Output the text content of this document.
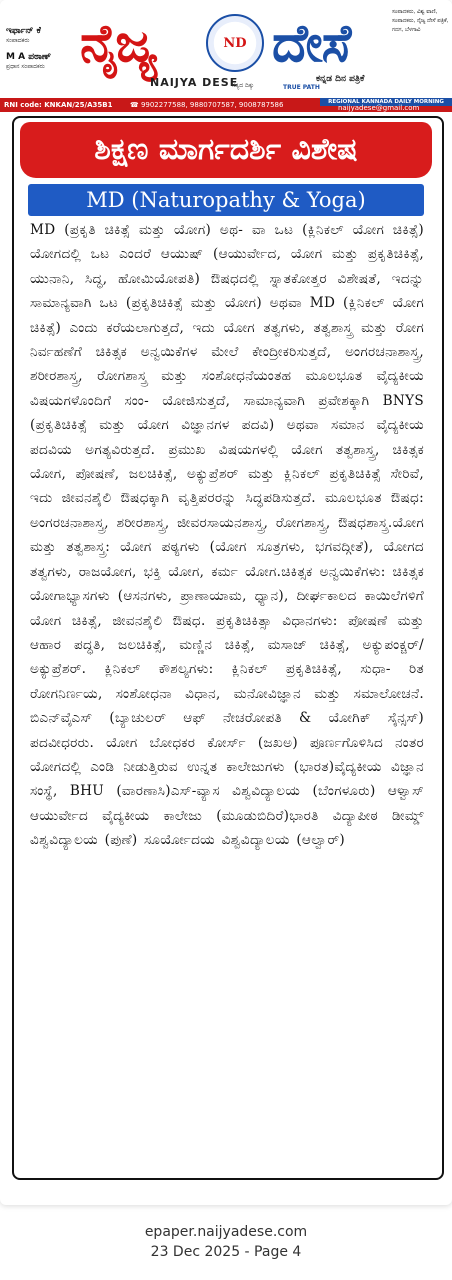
ಇರ್ಫಾನ್ ಕೆ
ಸಂಪಾದಕರು
M A ಪಠಾಣ್
ಪ್ರಧಾನ ಸಂಪಾದಕರು ನೈಜ್ಯ	ND ದೇಸೆ
NAIJYA DESE
ಸತ್ಯದ ದಿಕ್ಕು	TRUE PATH
ಕನ್ನಡ ದಿನ ಪತ್ರಿಕೆ
ಸಂಪಾದಕರು, ವಿಶ್ವ ವಾಣಿ, ಸಂಪಾದಕರು, ನೈಜ್ಯ ದೇಸೆ ಪತ್ರಿಕೆ, ಗದಗ, ಬೆಳಗಾವಿ
RNI code: KNKAN/25/A35B1	☎ 9902277588, 9880707587, 9008787586	REGIONAL KANNADA DAILY MORNING
naijyadese@gmail.com
ಶಿಕ್ಷಣ ಮಾರ್ಗದರ್ಶಿ ವಿಶೇಷ
MD (Naturopathy & Yoga)
MD (ಪ್ರಕೃತಿ ಚಿಕಿತ್ಸೆ ಮತ್ತು ಯೋಗ) ಅಥ- ವಾ ಒಟ (ಕ್ಲಿನಿಕಲ್ ಯೋಗ ಚಿಕಿತ್ಸೆ) ಯೋಗದಲ್ಲಿ ಒಟ ಎಂದರೆ ಆಯುಷ್ (ಆಯುರ್ವೇದ, ಯೋಗ ಮತ್ತು ಪ್ರಕೃತಿಚಿಕಿತ್ಸೆ, ಯುನಾನಿ, ಸಿದ್ಧ, ಹೋಮಿಯೋಪತಿ) ಔಷಧದಲ್ಲಿ ಸ್ನಾತಕೋತ್ತರ ವಿಶೇಷತೆ, ಇದನ್ನು ಸಾಮಾನ್ಯವಾಗಿ ಒಟ (ಪ್ರಕೃತಿಚಿಕಿತ್ಸೆ ಮತ್ತು ಯೋಗ) ಅಥವಾ MD (ಕ್ಲಿನಿಕಲ್ ಯೋಗ ಚಿಕಿತ್ಸೆ) ಎಂದು ಕರೆಯಲಾಗುತ್ತದೆ, ಇದು ಯೋಗ ತತ್ವಗಳು, ತತ್ವಶಾಸ್ತ್ರ ಮತ್ತು ರೋಗ ನಿರ್ವಹಣೆಗೆ ಚಿಕಿತ್ಸಕ ಅನ್ವಯಿಕೆಗಳ ಮೇಲೆ ಕೇಂದ್ರೀಕರಿಸುತ್ತದೆ, ಅಂಗರಚನಾಶಾಸ್ತ್ರ, ಶರೀರಶಾಸ್ತ್ರ, ರೋಗಶಾಸ್ತ್ರ ಮತ್ತು ಸಂಶೋಧನೆಯಂತಹ ಮೂಲಭೂತ ವೈದ್ಯಕೀಯ ವಿಷಯಗಳೊಂದಿಗೆ ಸಂಂ- ಯೋಜಿಸುತ್ತದೆ, ಸಾಮಾನ್ಯವಾಗಿ ಪ್ರವೇಶಕ್ಕಾಗಿ BNYS (ಪ್ರಕೃತಿಚಿಕಿತ್ಸೆ ಮತ್ತು ಯೋಗ ವಿಜ್ಞಾನಗಳ ಪದವಿ) ಅಥವಾ ಸಮಾನ ವೈದ್ಯಕೀಯ ಪದವಿಯ ಅಗತ್ಯವಿರುತ್ತದೆ. ಪ್ರಮುಖ ವಿಷಯಗಳಲ್ಲಿ ಯೋಗ ತತ್ವಶಾಸ್ತ್ರ, ಚಿಕಿತ್ಸಕ ಯೋಗ, ಪೋಷಣೆ, ಜಲಚಿಕಿತ್ಸೆ, ಅಕ್ಯುಪ್ರೆಶರ್ ಮತ್ತು ಕ್ಲಿನಿಕಲ್ ಪ್ರಕೃತಿಚಿಕಿತ್ಸೆ ಸೇರಿವೆ, ಇದು ಜೀವನಶೈಲಿ ಔಷಧಕ್ಕಾಗಿ ವೃತ್ತಿಪರರನ್ನು ಸಿದ್ಧಪಡಿಸುತ್ತದೆ. ಮೂಲಭೂತ ಔಷಧ: ಅಂಗರಚನಾಶಾಸ್ತ್ರ, ಶರೀರಶಾಸ್ತ್ರ, ಜೀವರಸಾಯನಶಾಸ್ತ್ರ, ರೋಗಶಾಸ್ತ್ರ, ಔಷಧಶಾಸ್ತ್ರ.ಯೋಗ ಮತ್ತು ತತ್ವಶಾಸ್ತ್ರ: ಯೋಗ ಪಠ್ಯಗಳು (ಯೋಗ ಸೂತ್ರಗಳು, ಭಗವದ್ಗೀತೆ), ಯೋಗದ ತತ್ವಗಳು, ರಾಜಯೋಗ, ಭಕ್ತಿ ಯೋಗ, ಕರ್ಮ ಯೋಗ.ಚಿಕಿತ್ಸಕ ಅನ್ವಯಿಕೆಗಳು: ಚಿಕಿತ್ಸಕ ಯೋಗಾಭ್ಯಾಸಗಳು (ಆಸನಗಳು, ಪ್ರಾಣಾಯಾಮ, ಧ್ಯಾನ), ದೀರ್ಘಕಾಲದ ಕಾಯಿಲೆಗಳಿಗೆ ಯೋಗ ಚಿಕಿತ್ಸೆ, ಜೀವನಶೈಲಿ ಔಷಧ. ಪ್ರಕೃತಿಚಿಕಿತ್ಸಾ ವಿಧಾನಗಳು: ಪೋಷಣೆ ಮತ್ತು ಆಹಾರ ಪದ್ಧತಿ, ಜಲಚಿಕಿತ್ಸೆ, ಮಣ್ಣಿನ ಚಿಕಿತ್ಸೆ, ಮಸಾಜ್ ಚಿಕಿತ್ಸೆ, ಅಕ್ಯುಪಂಕ್ಚರ್/ ಅಕ್ಯುಪ್ರೆಶರ್. ಕ್ಲಿನಿಕಲ್ ಕೌಶಲ್ಯಗಳು: ಕ್ಲಿನಿಕಲ್ ಪ್ರಕೃತಿಚಿಕಿತ್ಸೆ, ಸುಧಾ- ರಿತ ರೋಗನಿರ್ಣಯ, ಸಂಶೋಧನಾ ವಿಧಾನ, ಮನೋವಿಜ್ಞಾನ ಮತ್ತು ಸಮಾಲೋಚನೆ. ಬಿಎನ್‌ವೈಎಸ್ (ಬ್ಯಾಚುಲರ್ ಆಫ್ ನೇಚರೋಪತಿ & ಯೋಗಿಕ್ ಸೈನ್ಸಸ್) ಪದವೀಧರರು. ಯೋಗ ಬೋಧಕರ ಕೋರ್ಸ್ (ಜಖಅ) ಪೂರ್ಣಗೊಳಿಸಿದ ನಂತರ ಯೋಗದಲ್ಲಿ ಎಂಡಿ ನೀಡುತ್ತಿರುವ ಉನ್ನತ ಕಾಲೇಜುಗಳು (ಭಾರತ)ವೈದ್ಯಕೀಯ ವಿಜ್ಞಾನ ಸಂಸ್ಥೆ, BHU (ವಾರಣಾಸಿ)ಎಸ್-ವ್ಯಾಸ ವಿಶ್ವವಿದ್ಯಾಲಯ (ಬೆಂಗಳೂರು) ಆಳ್ವಾಸ್ ಆಯುರ್ವೇದ ವೈದ್ಯಕೀಯ ಕಾಲೇಜು (ಮೂಡುಬಿದಿರೆ)ಭಾರತಿ ವಿದ್ಯಾಪೀಠ ಡೀಮ್ಡ್ ವಿಶ್ವವಿದ್ಯಾಲಯ (ಪುಣೆ) ಸೂರ್ಯೋದಯ ವಿಶ್ವವಿದ್ಯಾಲಯ (ಆಲ್ವಾರ್)
epaper.naijyadese.com
23 Dec 2025 - Page 4
